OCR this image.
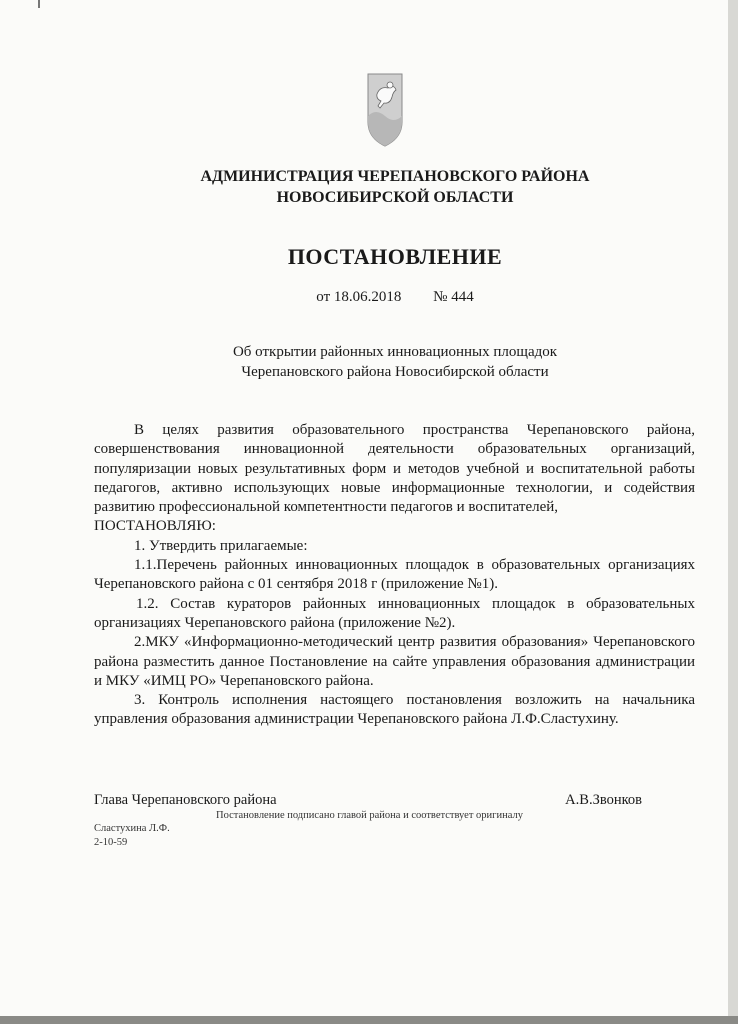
АДМИНИСТРАЦИЯ ЧЕРЕПАНОВСКОГО РАЙОНА
НОВОСИБИРСКОЙ ОБЛАСТИ
ПОСТАНОВЛЕНИЕ
от 18.06.2018 № 444
Об открытии районных инновационных площадок
Черепановского района Новосибирской области

В целях развития образовательного пространства Черепановского района, совершенствования инновационной деятельности образовательных организаций, популяризации новых результативных форм и методов учебной и воспитательной работы педагогов, активно использующих новые информационные технологии, и содействия развитию профессиональной компетентности педагогов и воспитателей,

ПОСТАНОВЛЯЮ:

1. Утвердить прилагаемые:

1.1.Перечень районных инновационных площадок в образовательных организациях Черепановского района с 01 сентября 2018 г (приложение №1).

1.2. Состав кураторов районных инновационных площадок в образовательных организациях Черепановского района (приложение №2).

2.МКУ «Информационно-методический центр развития образования» Черепановского района разместить данное Постановление на сайте управления образования администрации и МКУ «ИМЦ РО» Черепановского района.

3. Контроль исполнения настоящего постановления возложить на начальника управления образования администрации Черепановского района Л.Ф.Сластухину.

Глава Черепановского района	А.В.Звонков
Постановление подписано главой района и соответствует оригиналу
Сластухина Л.Ф.
2-10-59
